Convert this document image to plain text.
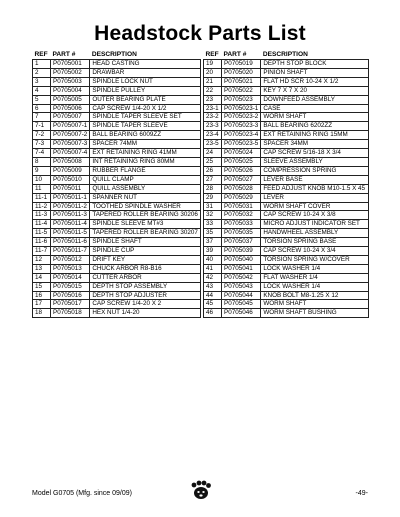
Headstock Parts List
REF	PART #	DESCRIPTION
1	P0705001	HEAD CASTING
2	P0705002	DRAWBAR
3	P0705003	SPINDLE LOCK NUT
4	P0705004	SPINDLE PULLEY
5	P0705005	OUTER BEARING PLATE
6	P0705006	CAP SCREW 1/4-20 X 1/2
7	P0705007	SPINDLE TAPER SLEEVE SET
7-1	P0705007-1	SPINDLE TAPER SLEEVE
7-2	P0705007-2	BALL BEARING 6009ZZ
7-3	P0705007-3	SPACER 74MM
7-4	P0705007-4	EXT RETAINING RING 41MM
8	P0705008	INT RETAINING RING 80MM
9	P0705009	RUBBER FLANGE
10	P0705010	QUILL CLAMP
11	P0705011	QUILL ASSEMBLY
11-1	P0705011-1	SPANNER NUT
11-2	P0705011-2	TOOTHED SPINDLE WASHER
11-3	P0705011-3	TAPERED ROLLER BEARING 30206
11-4	P0705011-4	SPINDLE SLEEVE MT#3
11-5	P0705011-5	TAPERED ROLLER BEARING 30207
11-6	P0705011-6	SPINDLE SHAFT
11-7	P0705011-7	SPINDLE CUP
12	P0705012	DRIFT KEY
13	P0705013	CHUCK ARBOR R8-B16
14	P0705014	CUTTER ARBOR
15	P0705015	DEPTH STOP ASSEMBLY
16	P0705016	DEPTH STOP ADJUSTER
17	P0705017	CAP SCREW 1/4-20 X 2
18	P0705018	HEX NUT 1/4-20
REF	PART #	DESCRIPTION
19	P0705019	DEPTH STOP BLOCK
20	P0705020	PINION SHAFT
21	P0705021	FLAT HD SCR 10-24 X 1/2
22	P0705022	KEY 7 X 7 X 20
23	P0705023	DOWNFEED ASSEMBLY
23-1	P0705023-1	CASE
23-2	P0705023-2	WORM SHAFT
23-3	P0705023-3	BALL BEARING 6202ZZ
23-4	P0705023-4	EXT RETAINING RING 15MM
23-5	P0705023-5	SPACER 34MM
24	P0705024	CAP SCREW 5/16-18 X 3/4
25	P0705025	SLEEVE ASSEMBLY
26	P0705026	COMPRESSION SPRING
27	P0705027	LEVER BASE
28	P0705028	FEED ADJUST KNOB M10-1.5 X 45
29	P0705029	LEVER
31	P0705031	WORM SHAFT COVER
32	P0705032	CAP SCREW 10-24 X 3/8
33	P0705033	MICRO ADJUST INDICATOR SET
35	P0705035	HANDWHEEL ASSEMBLY
37	P0705037	TORSION SPRING BASE
39	P0705039	CAP SCREW 10-24 X 3/4
40	P0705040	TORSION SPRING W/COVER
41	P0705041	LOCK WASHER 1/4
42	P0705042	FLAT WASHER 1/4
43	P0705043	LOCK WASHER 1/4
44	P0705044	KNOB BOLT M8-1.25 X 12
45	P0705045	WORM SHAFT
46	P0705046	WORM SHAFT BUSHING
Model G0705 (Mfg. since 09/09)	-49-
